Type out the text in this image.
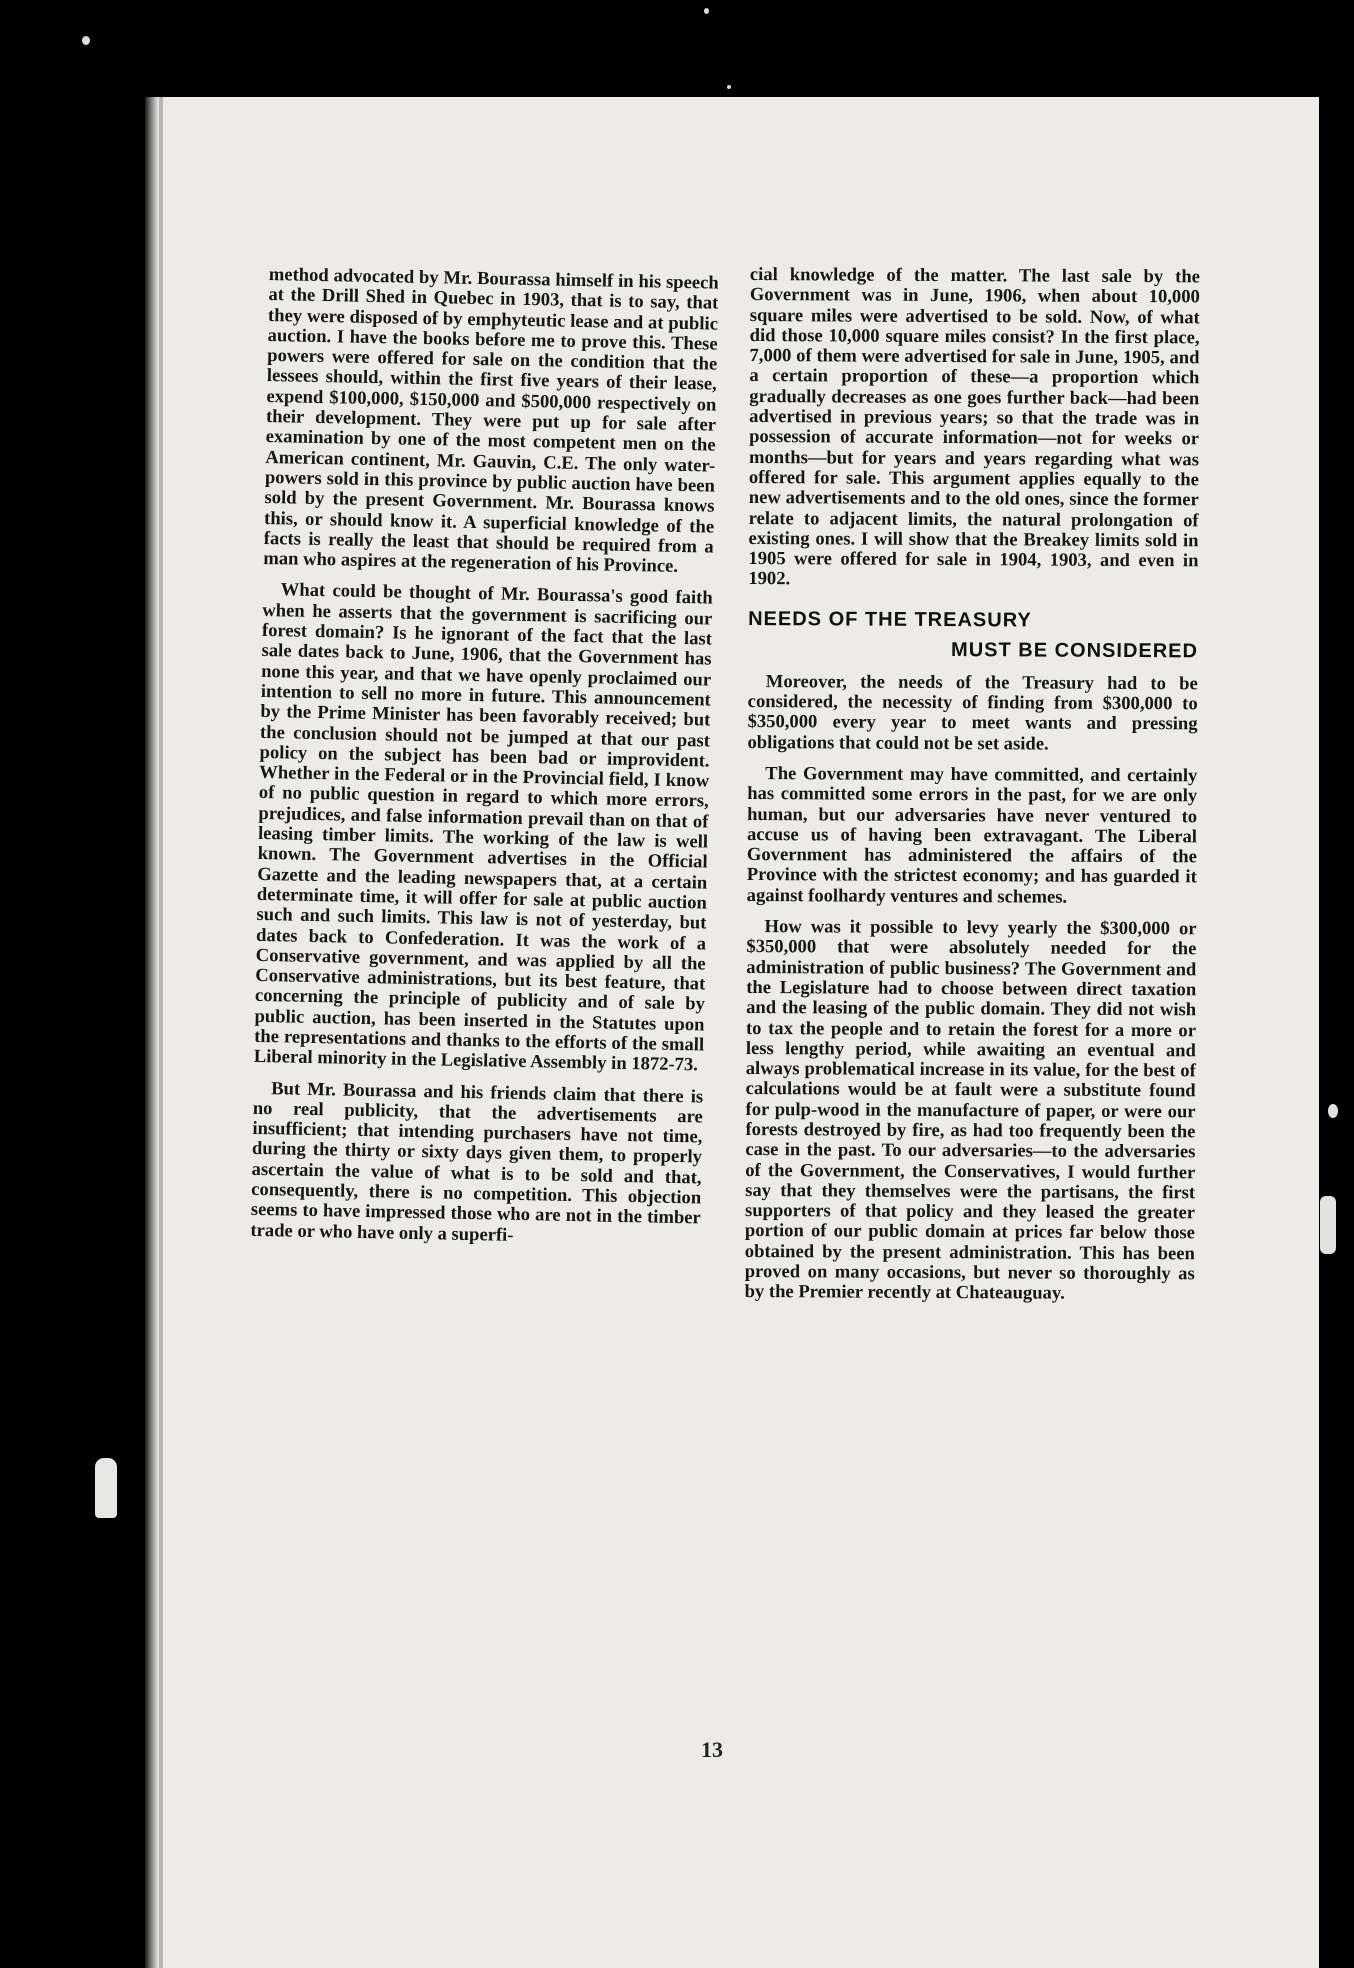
method advocated by Mr. Bourassa himself in his speech at the Drill Shed in Quebec in 1903, that is to say, that they were disposed of by emphyteutic lease and at public auction. I have the books before me to prove this. These powers were offered for sale on the condition that the lessees should, within the first five years of their lease, expend $100,000, $150,000 and $500,000 respectively on their development. They were put up for sale after examination by one of the most competent men on the American continent, Mr. Gauvin, C.E. The only water-powers sold in this province by public auction have been sold by the present Government. Mr. Bourassa knows this, or should know it. A superficial knowledge of the facts is really the least that should be required from a man who aspires at the regeneration of his Province.

What could be thought of Mr. Bourassa's good faith when he asserts that the government is sacrificing our forest domain? Is he ignorant of the fact that the last sale dates back to June, 1906, that the Government has none this year, and that we have openly proclaimed our intention to sell no more in future. This announcement by the Prime Minister has been favorably received; but the conclusion should not be jumped at that our past policy on the subject has been bad or improvident. Whether in the Federal or in the Provincial field, I know of no public question in regard to which more errors, prejudices, and false information prevail than on that of leasing timber limits. The working of the law is well known. The Government advertises in the Official Gazette and the leading newspapers that, at a certain determinate time, it will offer for sale at public auction such and such limits. This law is not of yesterday, but dates back to Confederation. It was the work of a Conservative government, and was applied by all the Conservative administrations, but its best feature, that concerning the principle of publicity and of sale by public auction, has been inserted in the Statutes upon the representations and thanks to the efforts of the small Liberal minority in the Legislative Assembly in 1872-73.

But Mr. Bourassa and his friends claim that there is no real publicity, that the advertisements are insufficient; that intending purchasers have not time, during the thirty or sixty days given them, to properly ascertain the value of what is to be sold and that, consequently, there is no competition. This objection seems to have impressed those who are not in the timber trade or who have only a superfi-

cial knowledge of the matter. The last sale by the Government was in June, 1906, when about 10,000 square miles were advertised to be sold. Now, of what did those 10,000 square miles consist? In the first place, 7,000 of them were advertised for sale in June, 1905, and a certain proportion of these—a proportion which gradually decreases as one goes further back—had been advertised in previous years; so that the trade was in possession of accurate information—not for weeks or months—but for years and years regarding what was offered for sale. This argument applies equally to the new advertisements and to the old ones, since the former relate to adjacent limits, the natural prolongation of existing ones. I will show that the Breakey limits sold in 1905 were offered for sale in 1904, 1903, and even in 1902.

NEEDS OF THE TREASURY
MUST BE CONSIDERED

Moreover, the needs of the Treasury had to be considered, the necessity of finding from $300,000 to $350,000 every year to meet wants and pressing obligations that could not be set aside.

The Government may have committed, and certainly has committed some errors in the past, for we are only human, but our adversaries have never ventured to accuse us of having been extravagant. The Liberal Government has administered the affairs of the Province with the strictest economy; and has guarded it against foolhardy ventures and schemes.

How was it possible to levy yearly the $300,000 or $350,000 that were absolutely needed for the administration of public business? The Government and the Legislature had to choose between direct taxation and the leasing of the public domain. They did not wish to tax the people and to retain the forest for a more or less lengthy period, while awaiting an eventual and always problematical increase in its value, for the best of calculations would be at fault were a substitute found for pulp-wood in the manufacture of paper, or were our forests destroyed by fire, as had too frequently been the case in the past. To our adversaries—to the adversaries of the Government, the Conservatives, I would further say that they themselves were the partisans, the first supporters of that policy and they leased the greater portion of our public domain at prices far below those obtained by the present administration. This has been proved on many occasions, but never so thoroughly as by the Premier recently at Chateauguay.

13
